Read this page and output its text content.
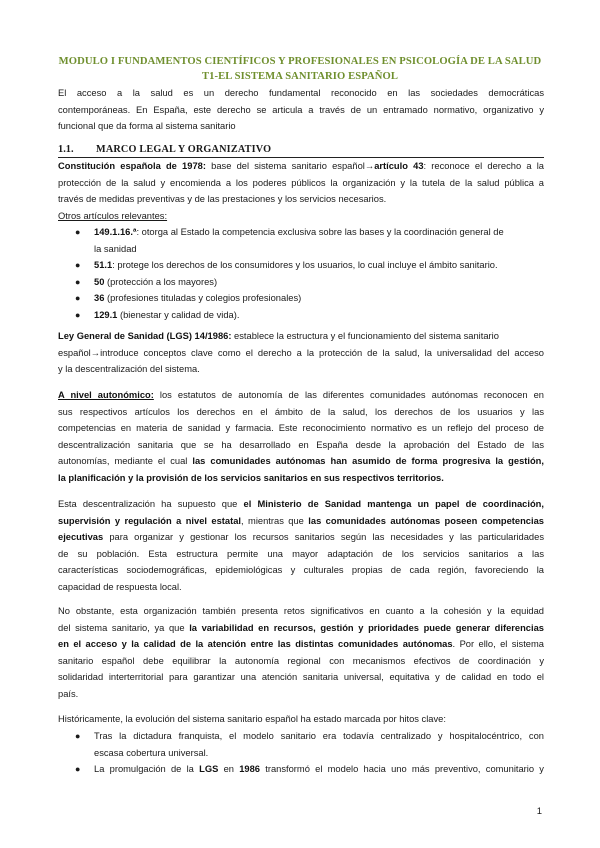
MODULO I FUNDAMENTOS CIENTÍFICOS Y PROFESIONALES EN PSICOLOGÍA DE LA SALUD
T1-EL SISTEMA SANITARIO ESPAÑOL
El acceso a la salud es un derecho fundamental reconocido en las sociedades democráticas
contemporáneas. En España, este derecho se articula a través de un entramado normativo, organizativo y
funcional que da forma al sistema sanitario
1.1. MARCO LEGAL Y ORGANIZATIVO
Constitución española de 1978: base del sistema sanitario español→artículo 43: reconoce el derecho a la
protección de la salud y encomienda a los poderes públicos la organización y la tutela de la salud pública a
través de medidas preventivas y de las prestaciones y los servicios necesarios.
Otros artículos relevantes:
● 149.1.16.ª: otorga al Estado la competencia exclusiva sobre las bases y la coordinación general de
la sanidad
● 51.1: protege los derechos de los consumidores y los usuarios, lo cual incluye el ámbito sanitario.
● 50 (protección a los mayores)
● 36 (profesiones tituladas y colegios profesionales)
● 129.1 (bienestar y calidad de vida).
Ley General de Sanidad (LGS) 14/1986: establece la estructura y el funcionamiento del sistema sanitario
español→introduce conceptos clave como el derecho a la protección de la salud, la universalidad del acceso
y la descentralización del sistema.
A nivel autonómico: los estatutos de autonomía de las diferentes comunidades autónomas reconocen en
sus respectivos artículos los derechos en el ámbito de la salud, los derechos de los usuarios y las
competencias en materia de sanidad y farmacia. Este reconocimiento normativo es un reflejo del proceso de
descentralización sanitaria que se ha desarrollado en España desde la aprobación del Estado de las
autonomías, mediante el cual las comunidades autónomas han asumido de forma progresiva la gestión,
la planificación y la provisión de los servicios sanitarios en sus respectivos territorios.
Esta descentralización ha supuesto que el Ministerio de Sanidad mantenga un papel de coordinación,
supervisión y regulación a nivel estatal, mientras que las comunidades autónomas poseen competencias
ejecutivas para organizar y gestionar los recursos sanitarios según las necesidades y las particularidades
de su población. Esta estructura permite una mayor adaptación de los servicios sanitarios a las
características sociodemográficas, epidemiológicas y culturales propias de cada región, favoreciendo la
capacidad de respuesta local.
No obstante, esta organización también presenta retos significativos en cuanto a la cohesión y la equidad
del sistema sanitario, ya que la variabilidad en recursos, gestión y prioridades puede generar diferencias
en el acceso y la calidad de la atención entre las distintas comunidades autónomas. Por ello, el sistema
sanitario español debe equilibrar la autonomía regional con mecanismos efectivos de coordinación y
solidaridad interterritorial para garantizar una atención sanitaria universal, equitativa y de calidad en todo el
país.
Históricamente, la evolución del sistema sanitario español ha estado marcada por hitos clave:
● Tras la dictadura franquista, el modelo sanitario era todavía centralizado y hospitalocéntrico, con
escasa cobertura universal.
● La promulgación de la LGS en 1986 transformó el modelo hacia uno más preventivo, comunitario y
1
